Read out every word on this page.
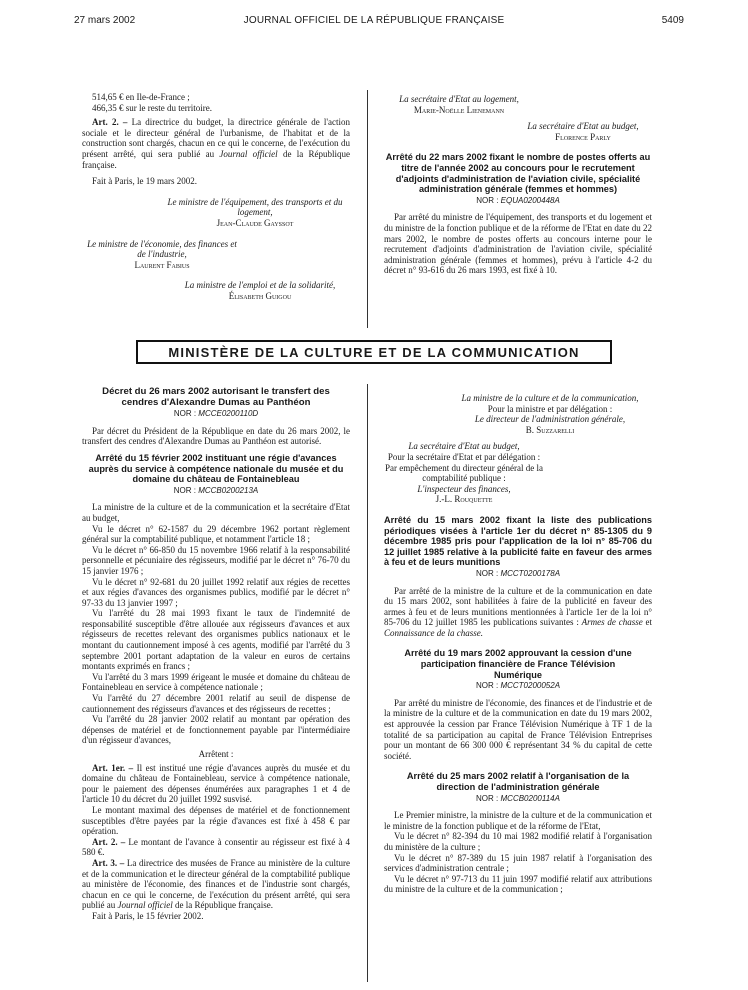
27 mars 2002	JOURNAL OFFICIEL DE LA RÉPUBLIQUE FRANÇAISE	5409

514,65 € en Ile-de-France ;

466,35 € sur le reste du territoire.

Art. 2. – La directrice du budget, la directrice générale de l'action sociale et le directeur général de l'urbanisme, de l'habitat et de la construction sont chargés, chacun en ce qui le concerne, de l'exécution du présent arrêté, qui sera publié au Journal officiel de la République française.

Fait à Paris, le 19 mars 2002.

Le ministre de l'équipement, des transports et du logement,
Jean-Claude Gayssot

Le ministre de l'économie, des finances et de l'industrie,
Laurent Fabius

La ministre de l'emploi et de la solidarité,
Élisabeth Guigou

La secrétaire d'Etat au logement,
Marie-Noëlle Lienemann

La secrétaire d'Etat au budget,
Florence Parly

Arrêté du 22 mars 2002 fixant le nombre de postes offerts au titre de l'année 2002 au concours pour le recrutement d'adjoints d'administration de l'aviation civile, spécialité administration générale (femmes et hommes)

NOR : EQUA0200448A

Par arrêté du ministre de l'équipement, des transports et du logement et du ministre de la fonction publique et de la réforme de l'Etat en date du 22 mars 2002, le nombre de postes offerts au concours interne pour le recrutement d'adjoints d'administration de l'aviation civile, spécialité administration générale (femmes et hommes), prévu à l'article 4-2 du décret n° 93-616 du 26 mars 1993, est fixé à 10.

MINISTÈRE DE LA CULTURE ET DE LA COMMUNICATION

Décret du 26 mars 2002 autorisant le transfert des cendres d'Alexandre Dumas au Panthéon

NOR : MCCE0200110D

Par décret du Président de la République en date du 26 mars 2002, le transfert des cendres d'Alexandre Dumas au Panthéon est autorisé.

Arrêté du 15 février 2002 instituant une régie d'avances auprès du service à compétence nationale du musée et du domaine du château de Fontainebleau

NOR : MCCB0200213A

La ministre de la culture et de la communication et la secrétaire d'Etat au budget,

Vu le décret n° 62-1587 du 29 décembre 1962 portant règlement général sur la comptabilité publique, et notamment l'article 18 ;

Vu le décret n° 66-850 du 15 novembre 1966 relatif à la responsabilité personnelle et pécuniaire des régisseurs, modifié par le décret n° 76-70 du 15 janvier 1976 ;

Vu le décret n° 92-681 du 20 juillet 1992 relatif aux régies de recettes et aux régies d'avances des organismes publics, modifié par le décret n° 97-33 du 13 janvier 1997 ;

Vu l'arrêté du 28 mai 1993 fixant le taux de l'indemnité de responsabilité susceptible d'être allouée aux régisseurs d'avances et aux régisseurs de recettes relevant des organismes publics nationaux et le montant du cautionnement imposé à ces agents, modifié par l'arrêté du 3 septembre 2001 portant adaptation de la valeur en euros de certains montants exprimés en francs ;

Vu l'arrêté du 3 mars 1999 érigeant le musée et domaine du château de Fontainebleau en service à compétence nationale ;

Vu l'arrêté du 27 décembre 2001 relatif au seuil de dispense de cautionnement des régisseurs d'avances et des régisseurs de recettes ;

Vu l'arrêté du 28 janvier 2002 relatif au montant par opération des dépenses de matériel et de fonctionnement payable par l'intermédiaire d'un régisseur d'avances,

Arrêtent :

Art. 1er. – Il est institué une régie d'avances auprès du musée et du domaine du château de Fontainebleau, service à compétence nationale, pour le paiement des dépenses énumérées aux paragraphes 1 et 4 de l'article 10 du décret du 20 juillet 1992 susvisé.

Le montant maximal des dépenses de matériel et de fonctionnement susceptibles d'être payées par la régie d'avances est fixé à 458 € par opération.

Art. 2. – Le montant de l'avance à consentir au régisseur est fixé à 4 580 €.

Art. 3. – La directrice des musées de France au ministère de la culture et de la communication et le directeur général de la comptabilité publique au ministère de l'économie, des finances et de l'industrie sont chargés, chacun en ce qui le concerne, de l'exécution du présent arrêté, qui sera publié au Journal officiel de la République française.

Fait à Paris, le 15 février 2002.

La ministre de la culture et de la communication,
Pour la ministre et par délégation :
Le directeur de l'administration générale,
B. Suzzarelli

La secrétaire d'Etat au budget,
Pour la secrétaire d'Etat et par délégation :
Par empêchement du directeur général de la comptabilité publique :
L'inspecteur des finances,
J.-L. Rouquette

Arrêté du 15 mars 2002 fixant la liste des publications périodiques visées à l'article 1er du décret n° 85-1305 du 9 décembre 1985 pris pour l'application de la loi n° 85-706 du 12 juillet 1985 relative à la publicité faite en faveur des armes à feu et de leurs munitions

NOR : MCCT0200178A

Par arrêté de la ministre de la culture et de la communication en date du 15 mars 2002, sont habilitées à faire de la publicité en faveur des armes à feu et de leurs munitions mentionnées à l'article 1er de la loi n° 85-706 du 12 juillet 1985 les publications suivantes : Armes de chasse et Connaissance de la chasse.

Arrêté du 19 mars 2002 approuvant la cession d'une participation financière de France Télévision Numérique

NOR : MCCT0200052A

Par arrêté du ministre de l'économie, des finances et de l'industrie et de la ministre de la culture et de la communication en date du 19 mars 2002, est approuvée la cession par France Télévision Numérique à TF 1 de la totalité de sa participation au capital de France Télévision Entreprises pour un montant de 66 300 000 € représentant 34 % du capital de cette société.

Arrêté du 25 mars 2002 relatif à l'organisation de la direction de l'administration générale

NOR : MCCB0200114A

Le Premier ministre, la ministre de la culture et de la communication et le ministre de la fonction publique et de la réforme de l'Etat,

Vu le décret n° 82-394 du 10 mai 1982 modifié relatif à l'organisation du ministère de la culture ;

Vu le décret n° 87-389 du 15 juin 1987 relatif à l'organisation des services d'administration centrale ;

Vu le décret n° 97-713 du 11 juin 1997 modifié relatif aux attributions du ministre de la culture et de la communication ;
